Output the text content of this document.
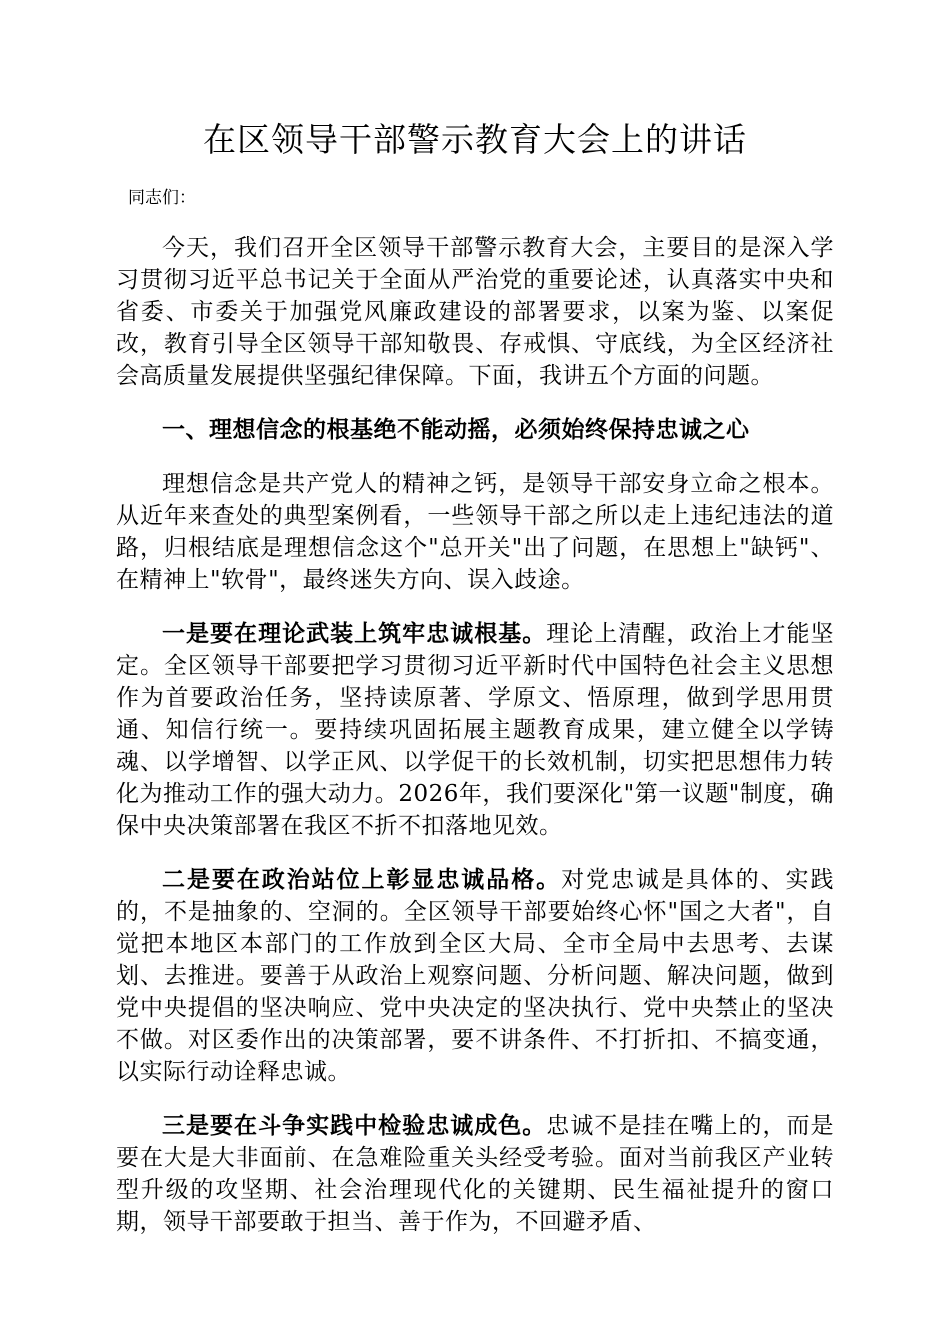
在区领导干部警示教育大会上的讲话
同志们：

今天，我们召开全区领导干部警示教育大会，主要目的是深入学习贯彻习近平总书记关于全面从严治党的重要论述，认真落实中央和省委、市委关于加强党风廉政建设的部署要求，以案为鉴、以案促改，教育引导全区领导干部知敬畏、存戒惧、守底线，为全区经济社会高质量发展提供坚强纪律保障。下面，我讲五个方面的问题。

一、理想信念的根基绝不能动摇，必须始终保持忠诚之心

理想信念是共产党人的精神之钙，是领导干部安身立命之根本。从近年来查处的典型案例看，一些领导干部之所以走上违纪违法的道路，归根结底是理想信念这个"总开关"出了问题，在思想上"缺钙"、在精神上"软骨"，最终迷失方向、误入歧途。

一是要在理论武装上筑牢忠诚根基。理论上清醒，政治上才能坚定。全区领导干部要把学习贯彻习近平新时代中国特色社会主义思想作为首要政治任务，坚持读原著、学原文、悟原理，做到学思用贯通、知信行统一。要持续巩固拓展主题教育成果，建立健全以学铸魂、以学增智、以学正风、以学促干的长效机制，切实把思想伟力转化为推动工作的强大动力。2026年，我们要深化"第一议题"制度，确保中央决策部署在我区不折不扣落地见效。

二是要在政治站位上彰显忠诚品格。对党忠诚是具体的、实践的，不是抽象的、空洞的。全区领导干部要始终心怀"国之大者"，自觉把本地区本部门的工作放到全区大局、全市全局中去思考、去谋划、去推进。要善于从政治上观察问题、分析问题、解决问题，做到党中央提倡的坚决响应、党中央决定的坚决执行、党中央禁止的坚决不做。对区委作出的决策部署，要不讲条件、不打折扣、不搞变通，以实际行动诠释忠诚。

三是要在斗争实践中检验忠诚成色。忠诚不是挂在嘴上的，而是要在大是大非面前、在急难险重关头经受考验。面对当前我区产业转型升级的攻坚期、社会治理现代化的关键期、民生福祉提升的窗口期，领导干部要敢于担当、善于作为，不回避矛盾、
